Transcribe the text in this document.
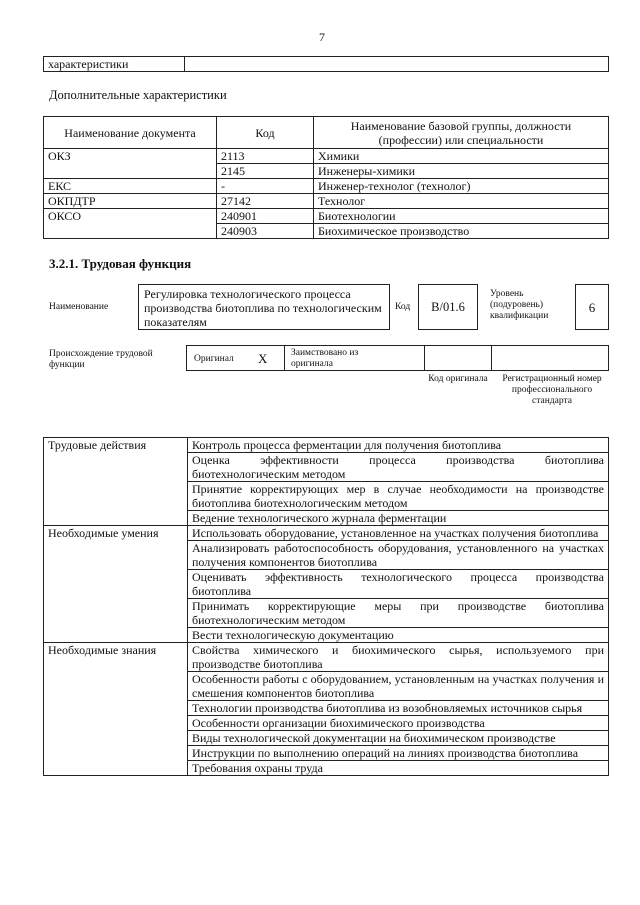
7
характеристики	
Дополнительные характеристики
Наименование документа	Код	Наименование базовой группы, должности (профессии) или специальности
ОКЗ	2113	Химики
	2145	Инженеры-химики
ЕКС	-	Инженер-технолог (технолог)
ОКПДТР	27142	Технолог
ОКСО	240901	Биотехнологии
	240903	Биохимическое производство
3.2.1. Трудовая функция
Наименование
Регулировка технологического процесса производства биотоплива по технологическим показателям
Код	В/01.6
Уровень (подуровень) квалификации
6
Происхождение трудовой функции
Оригинал X Заимствовано из оригинала
Код оригинала	Регистрационный номер профессионального стандарта
Трудовые действия	Контроль процесса ферментации для получения биотоплива
	Оценка эффективности процесса производства биотоплива биотехнологическим методом
	Принятие корректирующих мер в случае необходимости на производстве биотоплива биотехнологическим методом
	Ведение технологического журнала ферментации
Необходимые умения	Использовать оборудование, установленное на участках получения биотоплива
	Анализировать работоспособность оборудования, установленного на участках получения компонентов биотоплива
	Оценивать эффективность технологического процесса производства биотоплива
	Принимать корректирующие меры при производстве биотоплива биотехнологическим методом
	Вести технологическую документацию
Необходимые знания	Свойства химического и биохимического сырья, используемого при производстве биотоплива
	Особенности работы с оборудованием, установленным на участках получения и смешения компонентов биотоплива
	Технологии производства биотоплива из возобновляемых источников сырья
	Особенности организации биохимического производства
	Виды технологической документации на биохимическом производстве
	Инструкции по выполнению операций на линиях производства биотоплива
	Требования охраны труда
